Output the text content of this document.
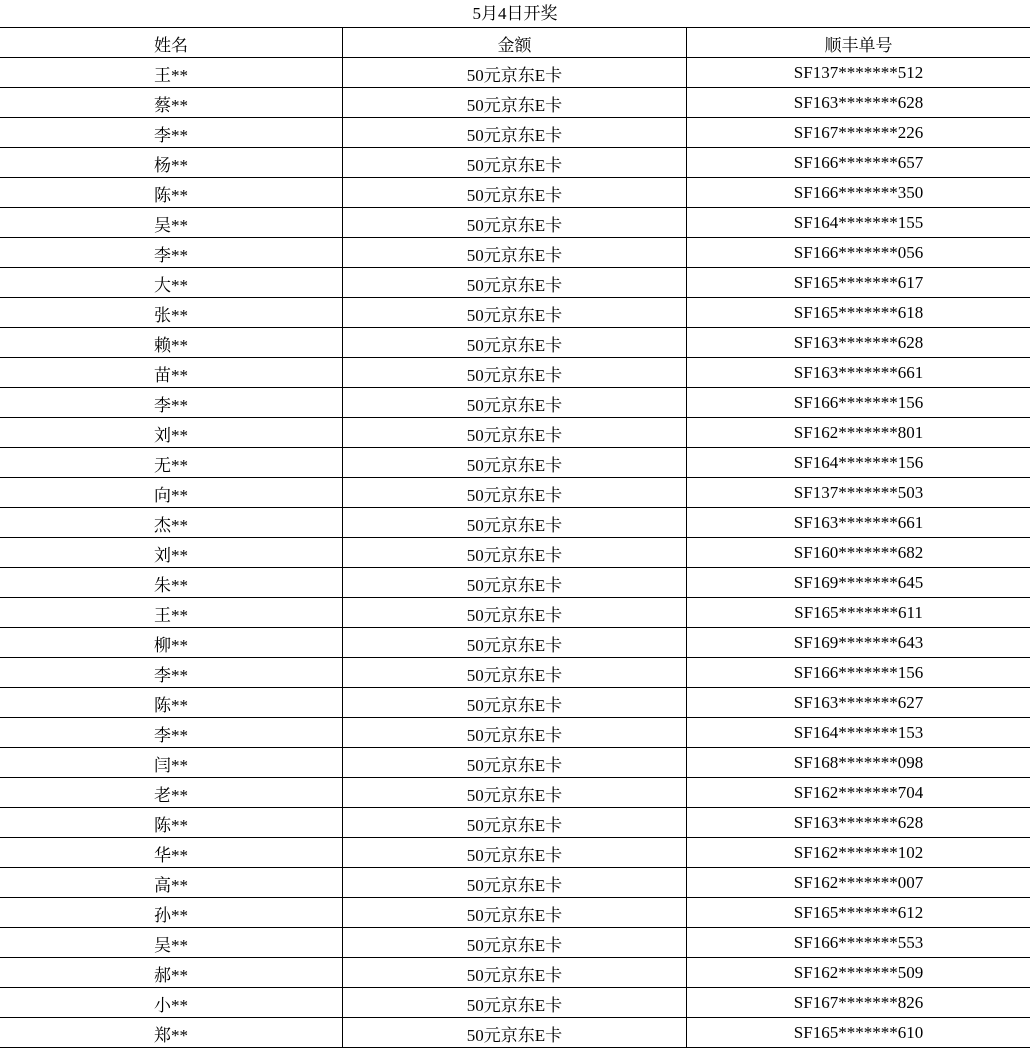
5月4日开奖
姓名	金额	顺丰单号
王**	50元京东E卡	SF137*******512
蔡**	50元京东E卡	SF163*******628
李**	50元京东E卡	SF167*******226
杨**	50元京东E卡	SF166*******657
陈**	50元京东E卡	SF166*******350
吴**	50元京东E卡	SF164*******155
李**	50元京东E卡	SF166*******056
大**	50元京东E卡	SF165*******617
张**	50元京东E卡	SF165*******618
赖**	50元京东E卡	SF163*******628
苗**	50元京东E卡	SF163*******661
李**	50元京东E卡	SF166*******156
刘**	50元京东E卡	SF162*******801
无**	50元京东E卡	SF164*******156
向**	50元京东E卡	SF137*******503
杰**	50元京东E卡	SF163*******661
刘**	50元京东E卡	SF160*******682
朱**	50元京东E卡	SF169*******645
王**	50元京东E卡	SF165*******611
柳**	50元京东E卡	SF169*******643
李**	50元京东E卡	SF166*******156
陈**	50元京东E卡	SF163*******627
李**	50元京东E卡	SF164*******153
闫**	50元京东E卡	SF168*******098
老**	50元京东E卡	SF162*******704
陈**	50元京东E卡	SF163*******628
华**	50元京东E卡	SF162*******102
高**	50元京东E卡	SF162*******007
孙**	50元京东E卡	SF165*******612
吴**	50元京东E卡	SF166*******553
郝**	50元京东E卡	SF162*******509
小**	50元京东E卡	SF167*******826
郑**	50元京东E卡	SF165*******610
